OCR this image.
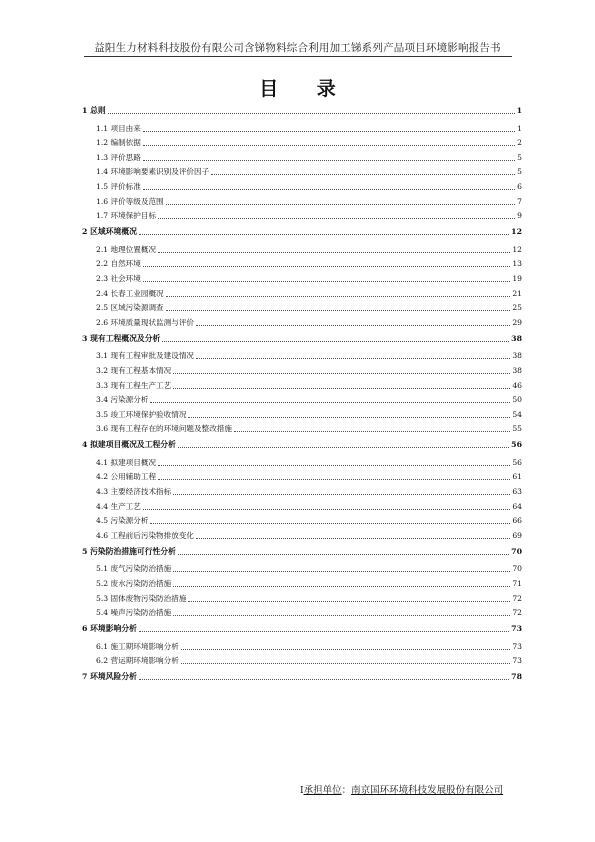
益阳生力材料科技股份有限公司含锑物料综合利用加工锑系列产品项目环境影响报告书
目 录
1 总则	1
1.1 项目由来	1
1.2 编制依据	2
1.3 评价思路	5
1.4 环境影响要素识别及评价因子	5
1.5 评价标准	6
1.6 评价等级及范围	7
1.7 环境保护目标	9
2 区域环境概况	12
2.1 地理位置概况	12
2.2 自然环境	13
2.3 社会环境	19
2.4 长春工业园概况	21
2.5 区域污染源调查	25
2.6 环境质量现状监测与评价	29
3 现有工程概况及分析	38
3.1 现有工程审批及建设情况	38
3.2 现有工程基本情况	38
3.3 现有工程生产工艺	46
3.4 污染源分析	50
3.5 竣工环境保护验收情况	54
3.6 现有工程存在的环境问题及整改措施	55
4 拟建项目概况及工程分析	56
4.1 拟建项目概况	56
4.2 公用辅助工程	61
4.3 主要经济技术指标	63
4.4 生产工艺	64
4.5 污染源分析	66
4.6 工程前后污染物排放变化	69
5 污染防治措施可行性分析	70
5.1 废气污染防治措施	70
5.2 废水污染防治措施	71
5.3 固体废物污染防治措施	72
5.4 噪声污染防治措施	72
6 环境影响分析	73
6.1 施工期环境影响分析	73
6.2 营运期环境影响分析	73
7 环境风险分析	78
I承担单位：南京国环环境科技发展股份有限公司
